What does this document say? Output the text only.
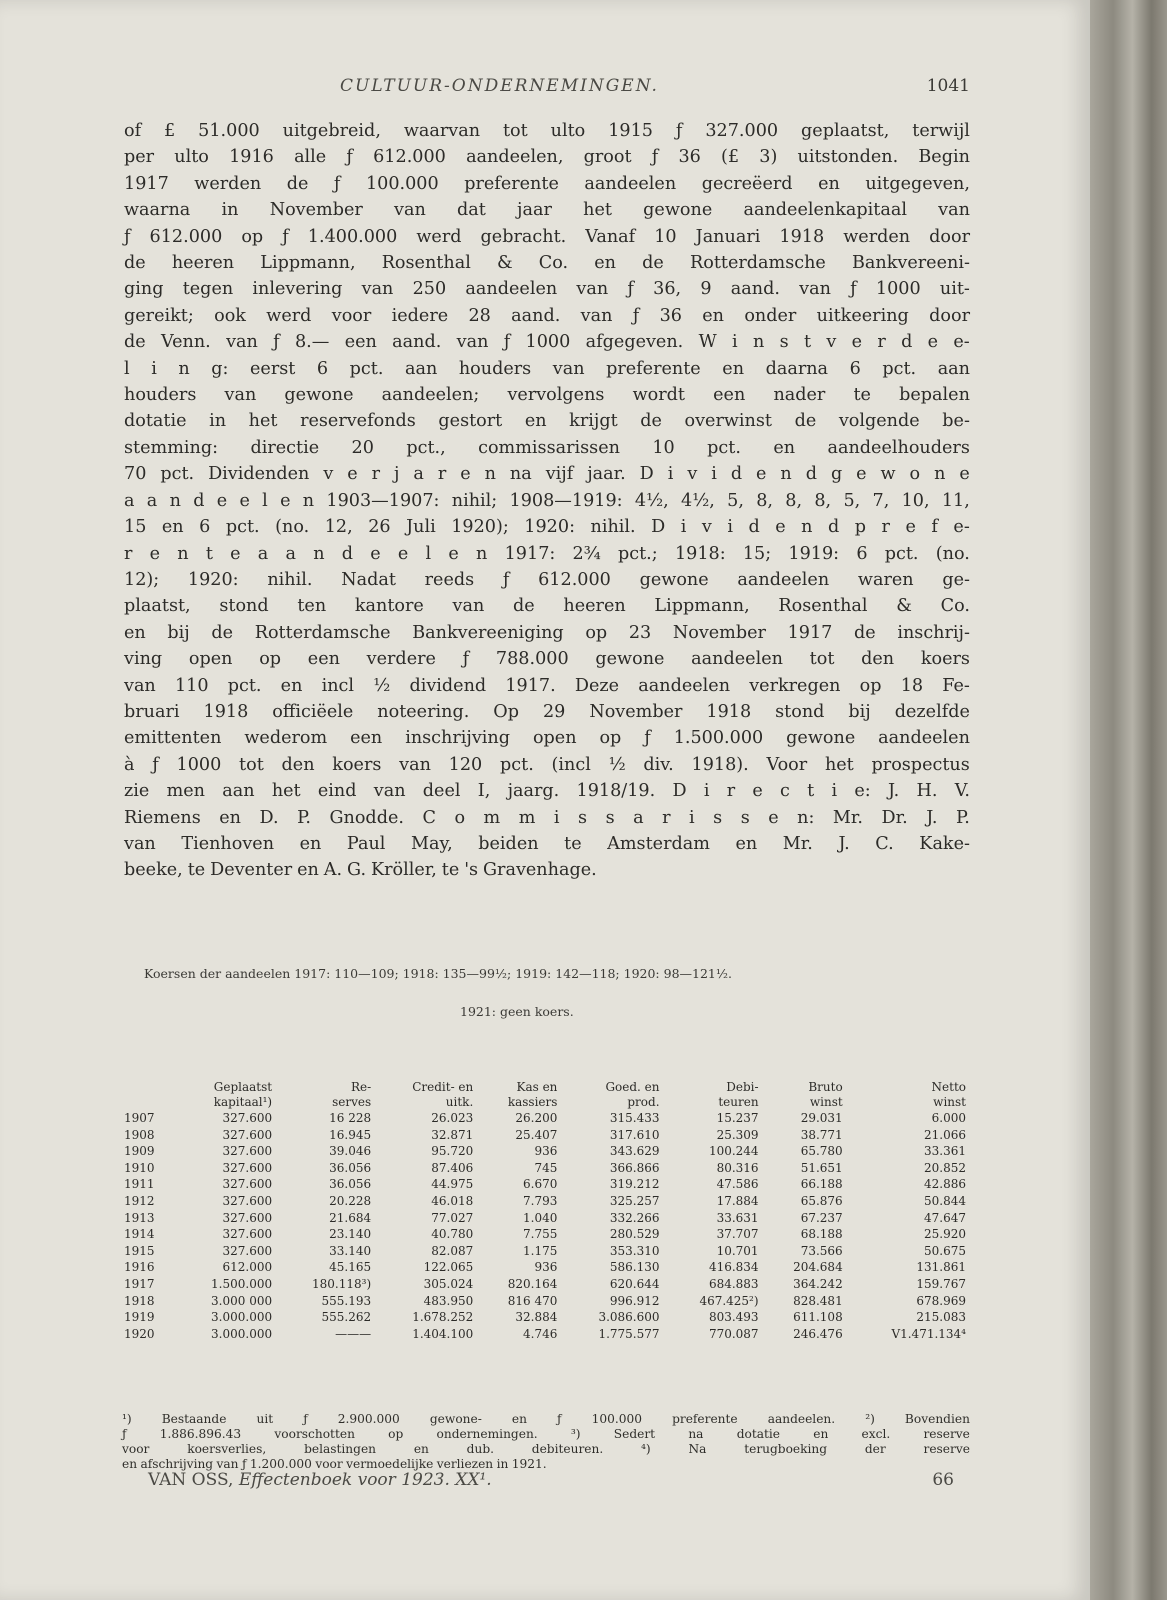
CULTUUR-ONDERNEMINGEN.	1041
of £ 51.000 uitgebreid, waarvan tot ulto 1915 ƒ 327.000 geplaatst, terwijl
per ulto 1916 alle ƒ 612.000 aandeelen, groot ƒ 36 (£ 3) uitstonden. Begin
1917 werden de ƒ 100.000 preferente aandeelen gecreëerd en uitgegeven,
waarna in November van dat jaar het gewone aandeelenkapitaal van
ƒ 612.000 op ƒ 1.400.000 werd gebracht. Vanaf 10 Januari 1918 werden door
de heeren Lippmann, Rosenthal & Co. en de Rotterdamsche Bankvereeni-
ging tegen inlevering van 250 aandeelen van ƒ 36, 9 aand. van ƒ 1000 uit-
gereikt; ook werd voor iedere 28 aand. van ƒ 36 en onder uitkeering door
de Venn. van ƒ 8.— een aand. van ƒ 1000 afgegeven. W i n s t v e r d e e-
l i n g: eerst 6 pct. aan houders van preferente en daarna 6 pct. aan
houders van gewone aandeelen; vervolgens wordt een nader te bepalen
dotatie in het reservefonds gestort en krijgt de overwinst de volgende be-
stemming: directie 20 pct., commissarissen 10 pct. en aandeelhouders
70 pct. Dividenden v e r j a r e n na vijf jaar. D i v i d e n d g e w o n e
a a n d e e l e n 1903—1907: nihil; 1908—1919: 4½, 4½, 5, 8, 8, 8, 5, 7, 10, 11,
15 en 6 pct. (no. 12, 26 Juli 1920); 1920: nihil. D i v i d e n d p r e f e-
r e n t e a a n d e e l e n 1917: 2¾ pct.; 1918: 15; 1919: 6 pct. (no.
12); 1920: nihil. Nadat reeds ƒ 612.000 gewone aandeelen waren ge-
plaatst, stond ten kantore van de heeren Lippmann, Rosenthal & Co.
en bij de Rotterdamsche Bankvereeniging op 23 November 1917 de inschrij-
ving open op een verdere ƒ 788.000 gewone aandeelen tot den koers
van 110 pct. en incl ½ dividend 1917. Deze aandeelen verkregen op 18 Fe-
bruari 1918 officiëele noteering. Op 29 November 1918 stond bij dezelfde
emittenten wederom een inschrijving open op ƒ 1.500.000 gewone aandeelen
à ƒ 1000 tot den koers van 120 pct. (incl ½ div. 1918). Voor het prospectus
zie men aan het eind van deel I, jaarg. 1918/19. D i r e c t i e: J. H. V.
Riemens en D. P. Gnodde. C o m m i s s a r i s s e n: Mr. Dr. J. P.
van Tienhoven en Paul May, beiden te Amsterdam en Mr. J. C. Kake-
beeke, te Deventer en A. G. Kröller, te 's Gravenhage.
Koersen der aandeelen 1917: 110—109; 1918: 135—99½; 1919: 142—118; 1920: 98—121½.
1921: geen koers.
	Geplaatst	Re-	Credit- en	Kas en	Goed. en	Debi-	Bruto	Netto
	kapitaal¹)	serves	uitk.	kassiers	prod.	teuren	winst	winst
1907	327.600	16 228	26.023	26.200	315.433	15.237	29.031	6.000
1908	327.600	16.945	32.871	25.407	317.610	25.309	38.771	21.066
1909	327.600	39.046	95.720	936	343.629	100.244	65.780	33.361
1910	327.600	36.056	87.406	745	366.866	80.316	51.651	20.852
1911	327.600	36.056	44.975	6.670	319.212	47.586	66.188	42.886
1912	327.600	20.228	46.018	7.793	325.257	17.884	65.876	50.844
1913	327.600	21.684	77.027	1.040	332.266	33.631	67.237	47.647
1914	327.600	23.140	40.780	7.755	280.529	37.707	68.188	25.920
1915	327.600	33.140	82.087	1.175	353.310	10.701	73.566	50.675
1916	612.000	45.165	122.065	936	586.130	416.834	204.684	131.861
1917	1.500.000	180.118³)	305.024	820.164	620.644	684.883	364.242	159.767
1918	3.000 000	555.193	483.950	816 470	996.912	467.425²)	828.481	678.969
1919	3.000.000	555.262	1.678.252	32.884	3.086.600	803.493	611.108	215.083
1920	3.000.000	———	1.404.100	4.746	1.775.577	770.087	246.476	V1.471.134⁴
¹) Bestaande uit ƒ 2.900.000 gewone- en ƒ 100.000 preferente aandeelen. ²) Bovendien
ƒ	1.886.896.43	voorschotten	op	ondernemingen.	³)	Sedert	na	dotatie	en	excl.	reserve
voor	koersverlies,	belastingen	en	dub.	debiteuren.	⁴)	Na	terugboeking	der	reserve
en afschrijving van ƒ 1.200.000 voor vermoedelijke verliezen in 1921.
VAN OSS, Effectenboek voor 1923. XX¹.	66
